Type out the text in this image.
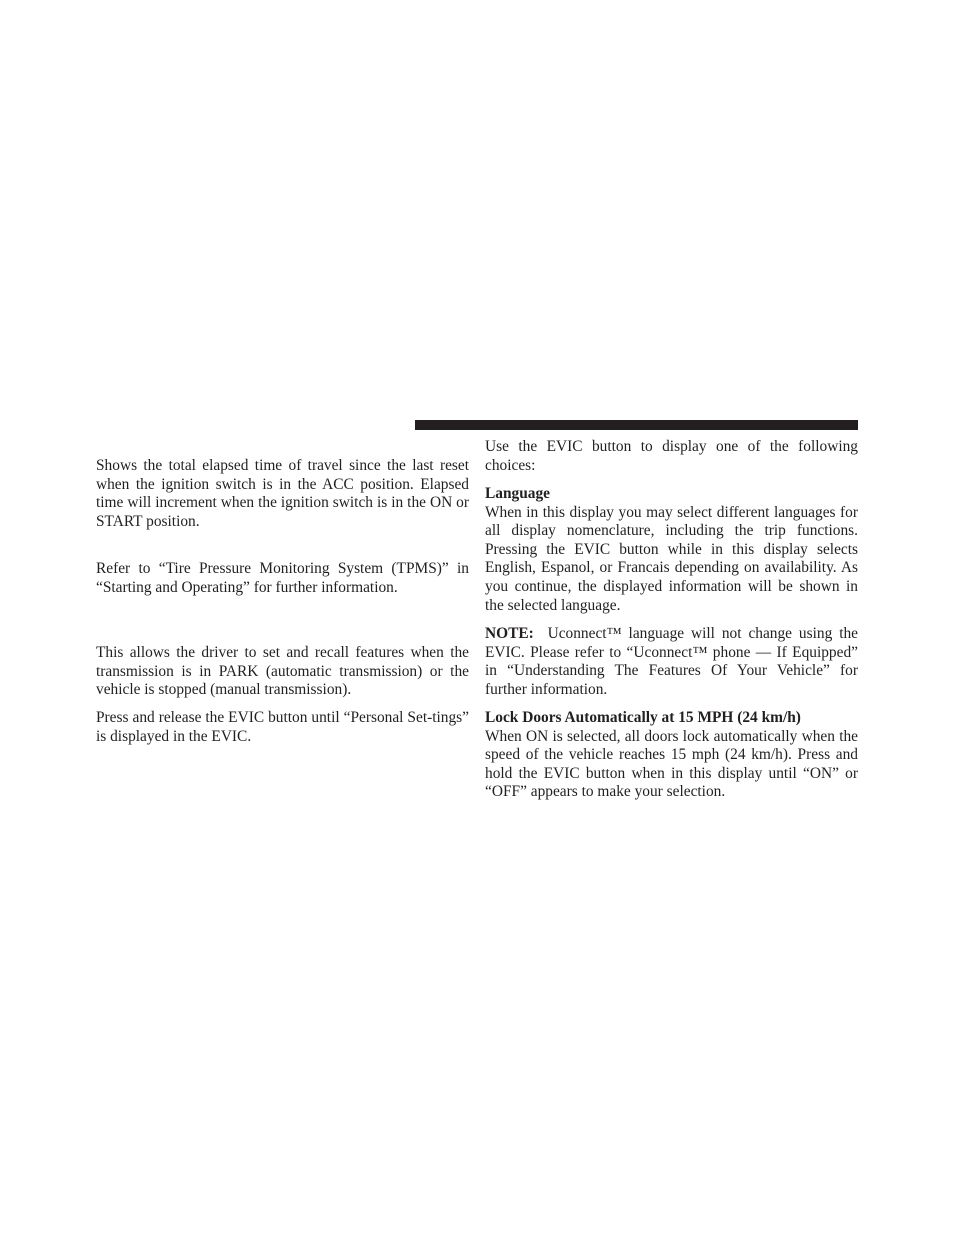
Shows the total elapsed time of travel since the last reset when the ignition switch is in the ACC position. Elapsed time will increment when the ignition switch is in the ON or START position.

Refer to “Tire Pressure Monitoring System (TPMS)” in “Starting and Operating” for further information.

This allows the driver to set and recall features when the transmission is in PARK (automatic transmission) or the vehicle is stopped (manual transmission).

Press and release the EVIC button until “Personal Set-tings” is displayed in the EVIC.

Use the EVIC button to display one of the following choices:

Language

When in this display you may select different languages for all display nomenclature, including the trip functions. Pressing the EVIC button while in this display selects English, Espanol, or Francais depending on availability. As you continue, the displayed information will be shown in the selected language.

NOTE: Uconnect™ language will not change using the EVIC. Please refer to “Uconnect™ phone — If Equipped” in “Understanding The Features Of Your Vehicle” for further information.

Lock Doors Automatically at 15 MPH (24 km/h)

When ON is selected, all doors lock automatically when the speed of the vehicle reaches 15 mph (24 km/h). Press and hold the EVIC button when in this display until “ON” or “OFF” appears to make your selection.
